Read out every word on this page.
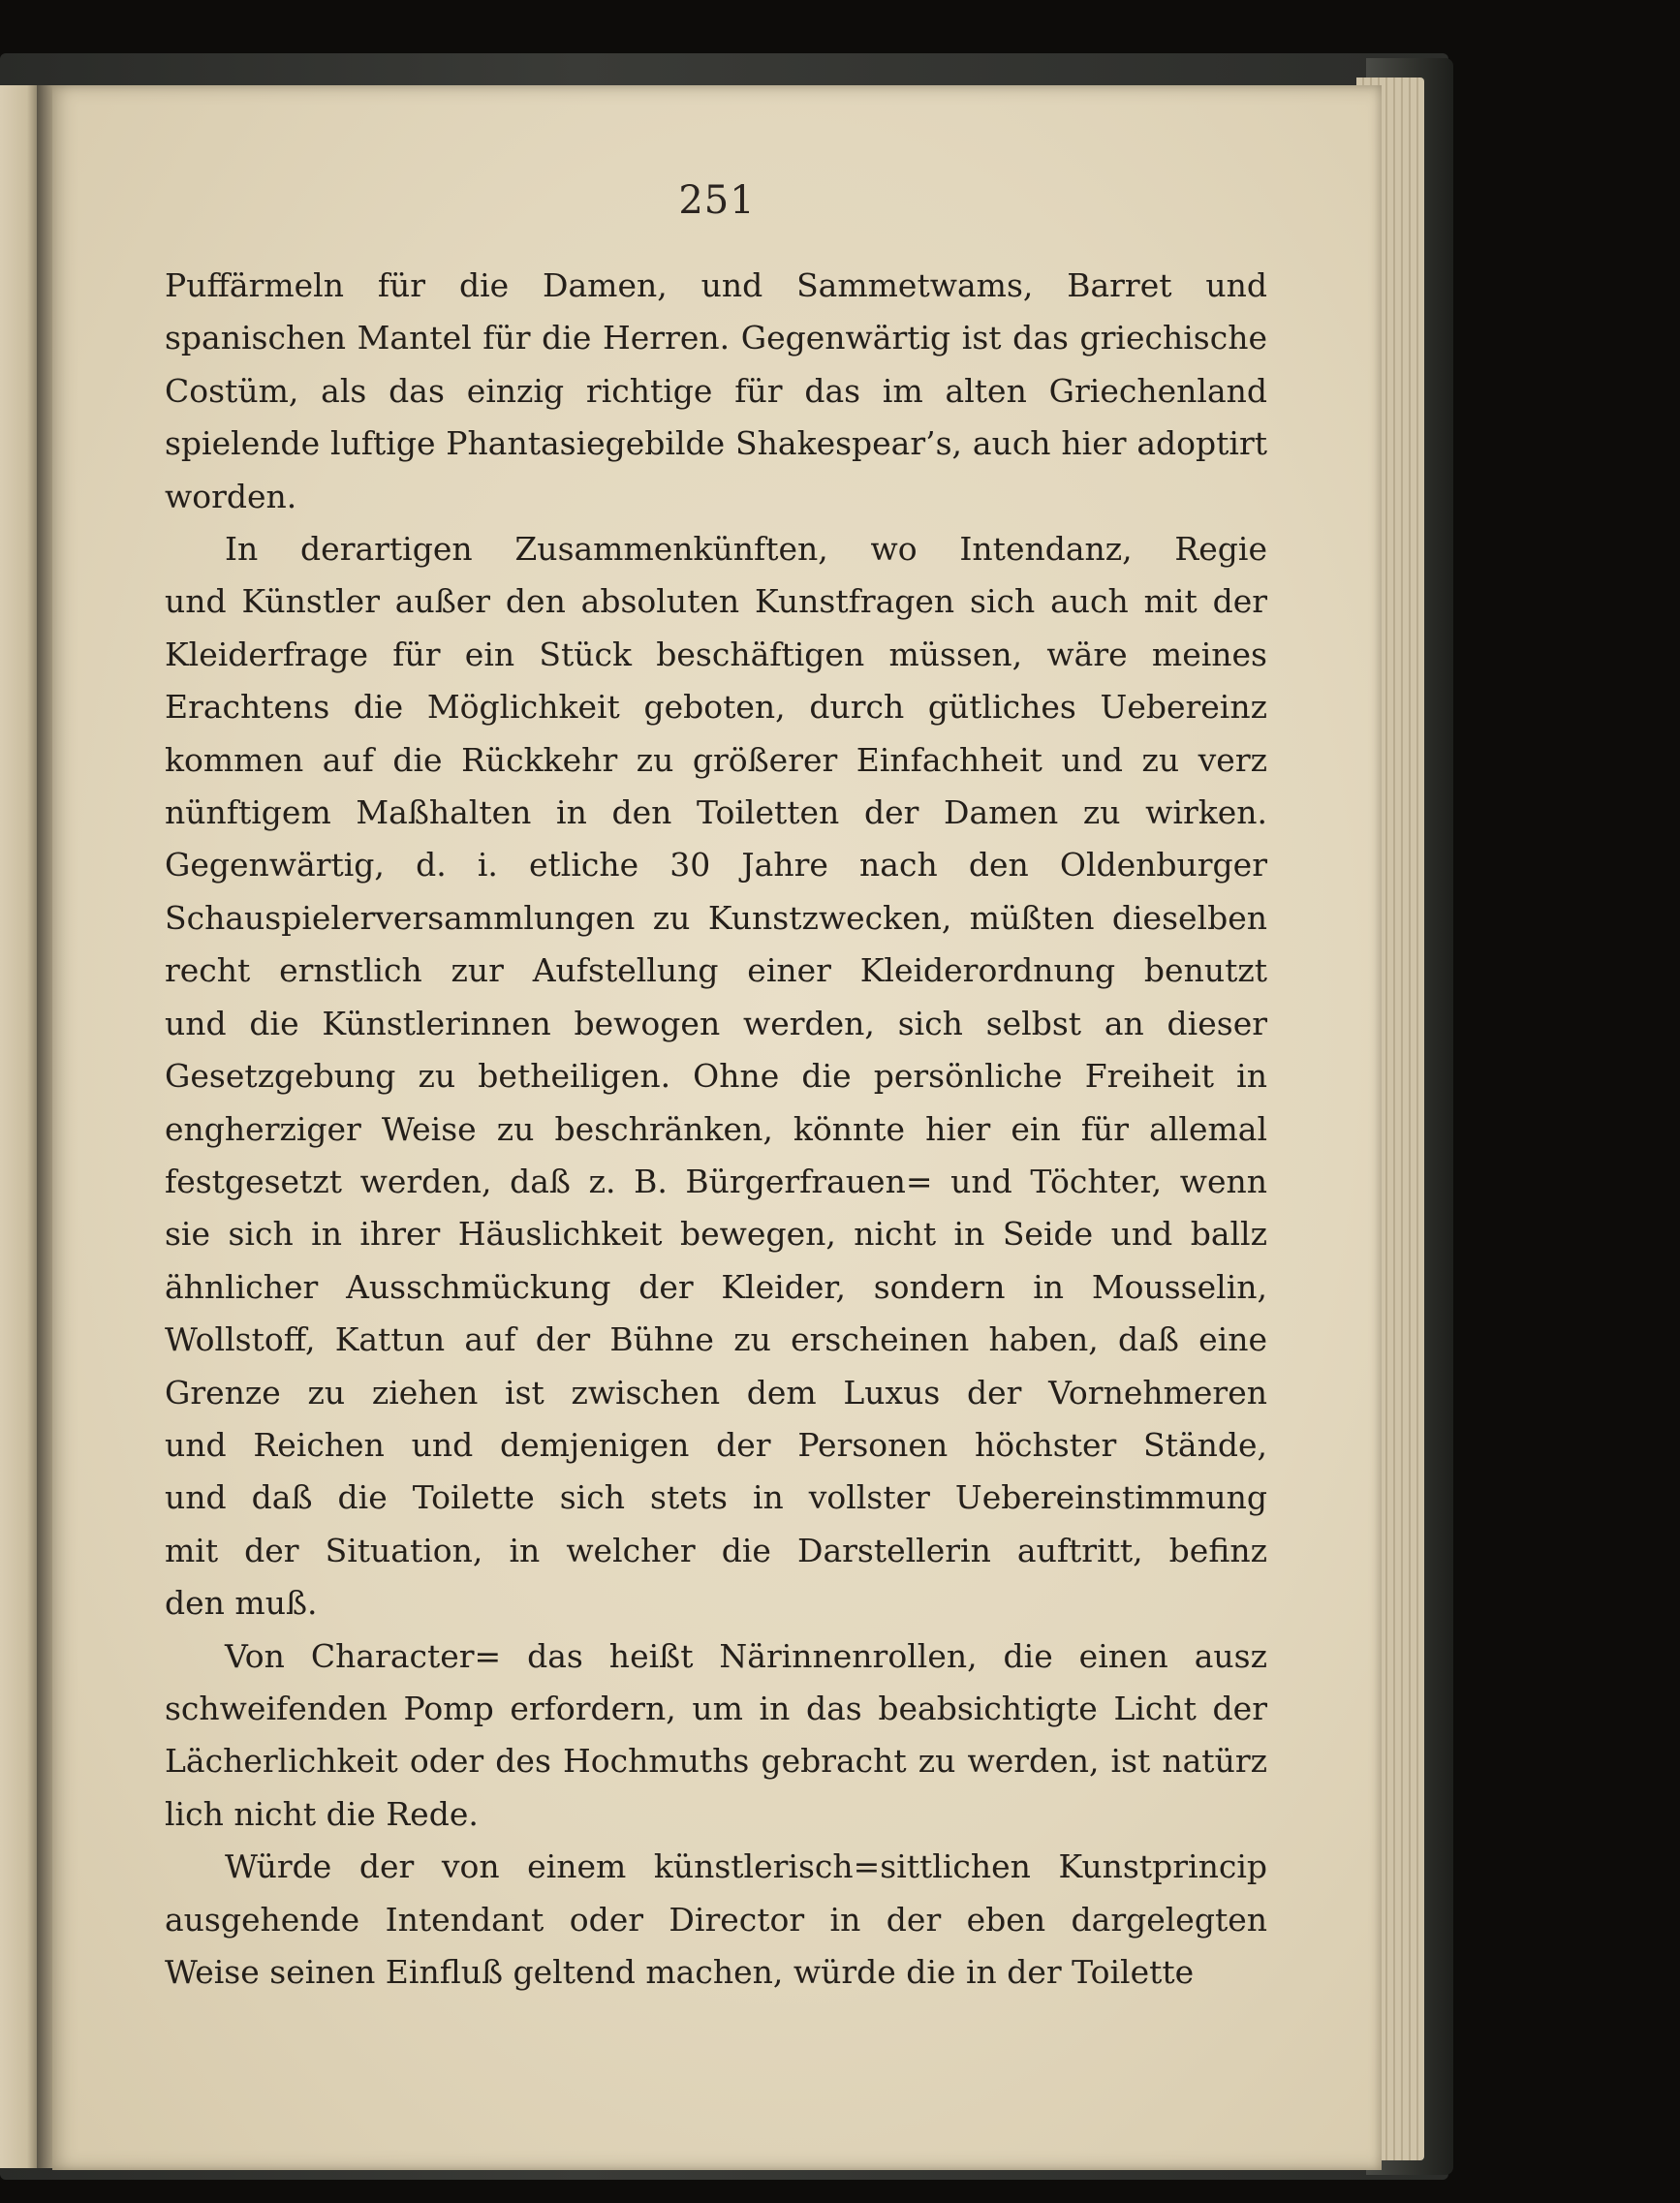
251
Puffärmeln für die Damen, und Sammetwams, Barret und
spanischen Mantel für die Herren. Gegenwärtig ist das griechische
Costüm, als das einzig richtige für das im alten Griechenland
spielende luftige Phantasiegebilde Shakespear’s, auch hier adoptirt
worden.
In derartigen Zusammenkünften, wo Intendanz, Regie
und Künstler außer den absoluten Kunstfragen sich auch mit der
Kleiderfrage für ein Stück beschäftigen müssen, wäre meines
Erachtens die Möglichkeit geboten, durch gütliches Uebereinz
kommen auf die Rückkehr zu größerer Einfachheit und zu verz
nünftigem Maßhalten in den Toiletten der Damen zu wirken.
Gegenwärtig, d. i. etliche 30 Jahre nach den Oldenburger
Schauspielerversammlungen zu Kunstzwecken, müßten dieselben
recht ernstlich zur Aufstellung einer Kleiderordnung benutzt
und die Künstlerinnen bewogen werden, sich selbst an dieser
Gesetzgebung zu betheiligen. Ohne die persönliche Freiheit in
engherziger Weise zu beschränken, könnte hier ein für allemal
festgesetzt werden, daß z. B. Bürgerfrauen= und Töchter, wenn
sie sich in ihrer Häuslichkeit bewegen, nicht in Seide und ballz
ähnlicher Ausschmückung der Kleider, sondern in Mousselin,
Wollstoff, Kattun auf der Bühne zu erscheinen haben, daß eine
Grenze zu ziehen ist zwischen dem Luxus der Vornehmeren
und Reichen und demjenigen der Personen höchster Stände,
und daß die Toilette sich stets in vollster Uebereinstimmung
mit der Situation, in welcher die Darstellerin auftritt, befinz
den muß.
Von Character= das heißt Närinnenrollen, die einen ausz
schweifenden Pomp erfordern, um in das beabsichtigte Licht der
Lächerlichkeit oder des Hochmuths gebracht zu werden, ist natürz
lich nicht die Rede.
Würde der von einem künstlerisch=sittlichen Kunstprincip
ausgehende Intendant oder Director in der eben dargelegten
Weise seinen Einfluß geltend machen, würde die in der Toilette
